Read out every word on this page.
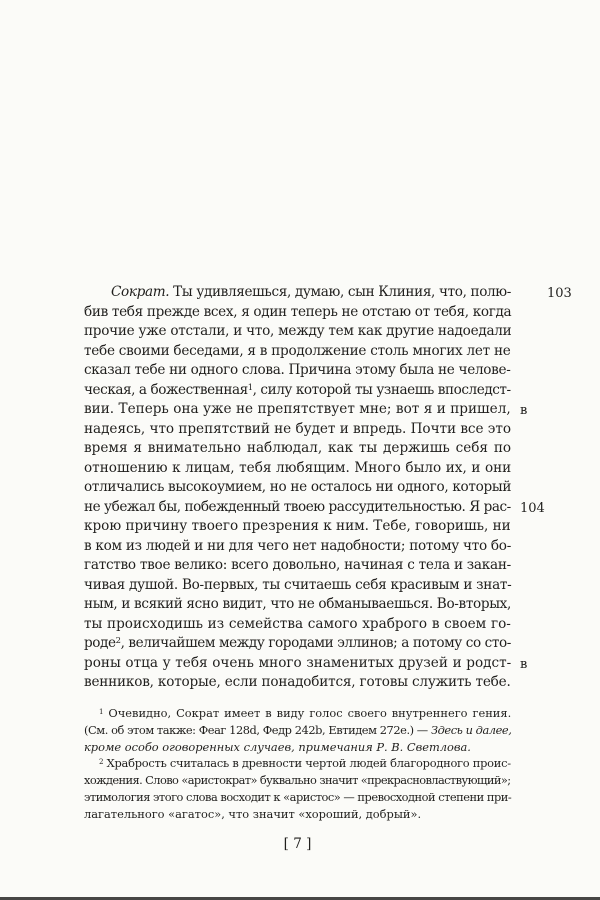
Сократ. Ты удивляешься, думаю, сын Клиния, что, полю-	103
бив тебя прежде всех, я один теперь не отстаю от тебя, когда
прочие уже отстали, и что, между тем как другие надоедали
тебе своими беседами, я в продолжение столь многих лет не
сказал тебе ни одного слова. Причина этому была не челове-
ческая, а божественная$^1$, силу которой ты узнаешь впоследст-
вии. Теперь она уже не препятствует мне; вот я и пришел, в
надеясь, что препятствий не будет и впредь. Почти все это
время я внимательно наблюдал, как ты держишь себя по
отношению к лицам, тебя любящим. Много было их, и они
отличались высокоумием, но не осталось ни одного, который
не убежал бы, побежденный твоею рассудительностью. Я рас- 104
крою причину твоего презрения к ним. Тебе, говоришь, ни
в ком из людей и ни для чего нет надобности; потому что бо-
гатство твое велико: всего довольно, начиная с тела и закан-
чивая душой. Во-первых, ты считаешь себя красивым и знат-
ным, и всякий ясно видит, что не обманываешься. Во-вторых,
ты происходишь из семейства самого храброго в своем го-
роде$^2$, величайшем между городами эллинов; а потому со сто-
роны отца у тебя очень много знаменитых друзей и родст- в
венников, которые, если понадобится, готовы служить тебе.
$^1$ Очевидно, Сократ имеет в виду голос своего внутреннего гения.
(См. об этом также: Феаг 128d, Федр 242b, Евтидем 272e.) — Здесь и далее,
кроме особо оговоренных случаев, примечания Р. В. Светлова.
$^2$ Храбрость считалась в древности чертой людей благородного проис-
хождения. Слово «аристократ» буквально значит «прекрасновластвующий»;
этимология этого слова восходит к «аристос» — превосходной степени при-
лагательного «агатос», что значит «хороший, добрый».
[ 7 ]
